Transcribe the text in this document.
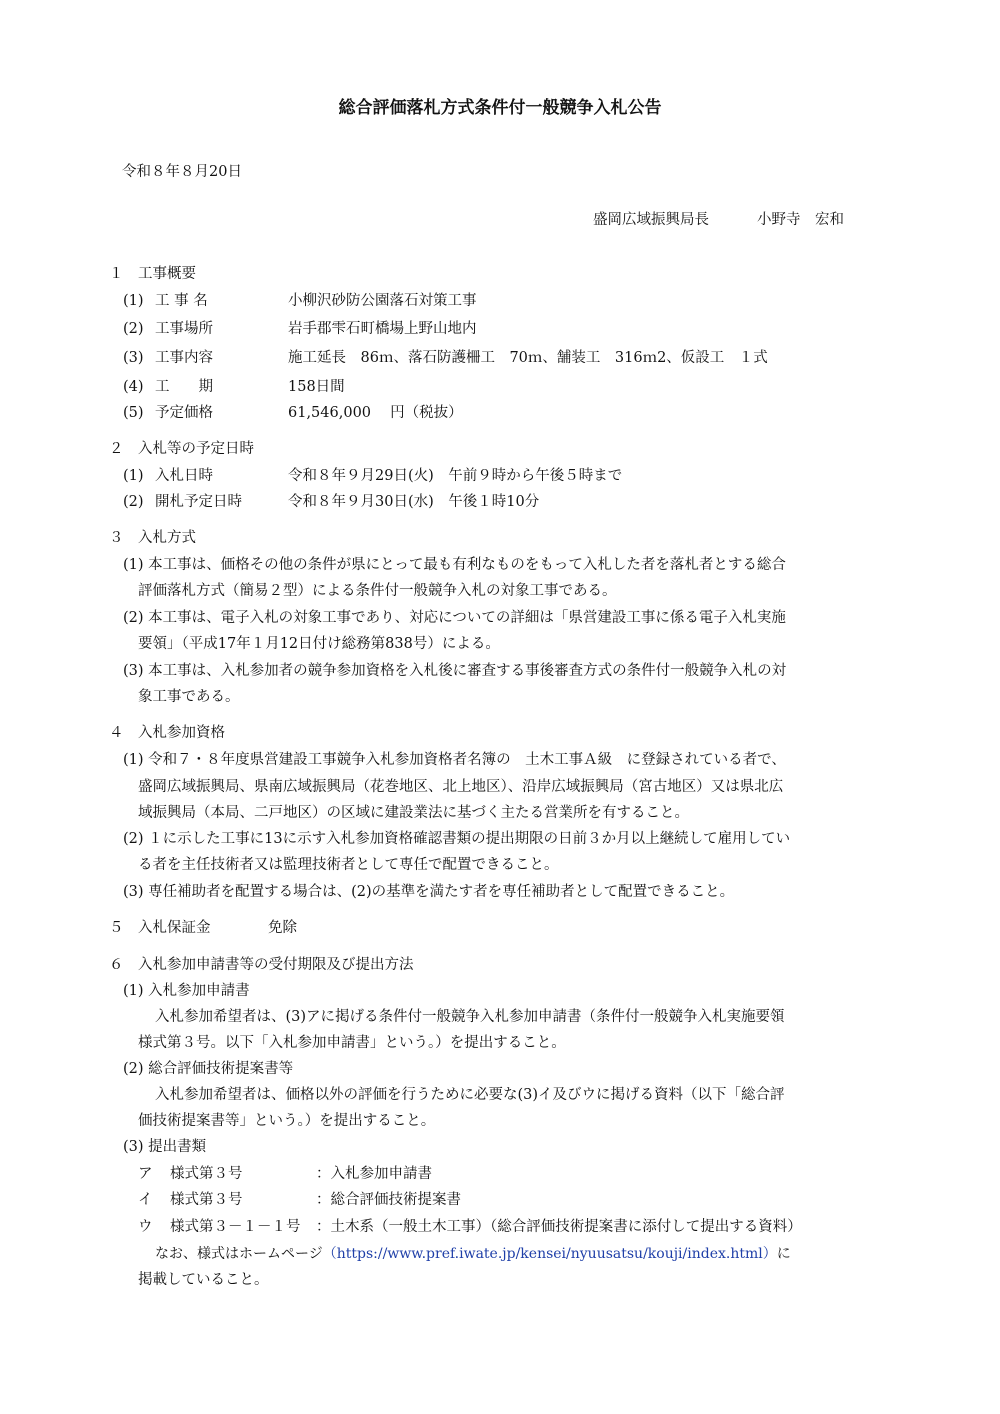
総合評価落札方式条件付一般競争入札公告
令和８年８月20日
盛岡広域振興局長	小野寺　宏和
１　工事概要
(1) 工 事 名	小柳沢砂防公園落石対策工事
(2) 工事場所	岩手郡雫石町橋場上野山地内
(3) 工事内容	施工延長　86ｍ、落石防護柵工　70ｍ、舗装工　316ｍ2、仮設工　１式
(4) 工　　期	158日間
(5) 予定価格	61,546,000　 円（税抜）
２　入札等の予定日時
(1) 入札日時	令和８年９月29日(火)　午前９時から午後５時まで
(2) 開札予定日時	令和８年９月30日(水)　午後１時10分
３　入札方式
(1) 本工事は、価格その他の条件が県にとって最も有利なものをもって入札した者を落札者とする総合
評価落札方式（簡易２型）による条件付一般競争入札の対象工事である。
(2) 本工事は、電子入札の対象工事であり、対応についての詳細は「県営建設工事に係る電子入札実施
要領」（平成17年１月12日付け総務第838号）による。
(3) 本工事は、入札参加者の競争参加資格を入札後に審査する事後審査方式の条件付一般競争入札の対
象工事である。
４　入札参加資格
(1) 令和７・８年度県営建設工事競争入札参加資格者名簿の　土木工事Ａ級　に登録されている者で、
盛岡広域振興局、県南広域振興局（花巻地区、北上地区）、沿岸広域振興局（宮古地区）又は県北広
域振興局（本局、二戸地区）の区域に建設業法に基づく主たる営業所を有すること。
(2) １に示した工事に13に示す入札参加資格確認書類の提出期限の日前３か月以上継続して雇用してい
る者を主任技術者又は監理技術者として専任で配置できること。
(3) 専任補助者を配置する場合は、(2)の基準を満たす者を専任補助者として配置できること。
５　入札保証金	免除
６　入札参加申請書等の受付期限及び提出方法
(1) 入札参加申請書
入札参加希望者は、(3)アに掲げる条件付一般競争入札参加申請書（条件付一般競争入札実施要領
様式第３号。以下「入札参加申請書」という。）を提出すること。
(2) 総合評価技術提案書等
入札参加希望者は、価格以外の評価を行うために必要な(3)イ及びウに掲げる資料（以下「総合評
価技術提案書等」という。）を提出すること。
(3) 提出書類
ア 様式第３号	：入札参加申請書
イ 様式第３号	：総合評価技術提案書
ウ 様式第３－１－１号 ：土木系（一般土木工事）（総合評価技術提案書に添付して提出する資料）
なお、様式はホームページ（https://www.pref.iwate.jp/kensei/nyuusatsu/kouji/index.html）に
掲載していること。
